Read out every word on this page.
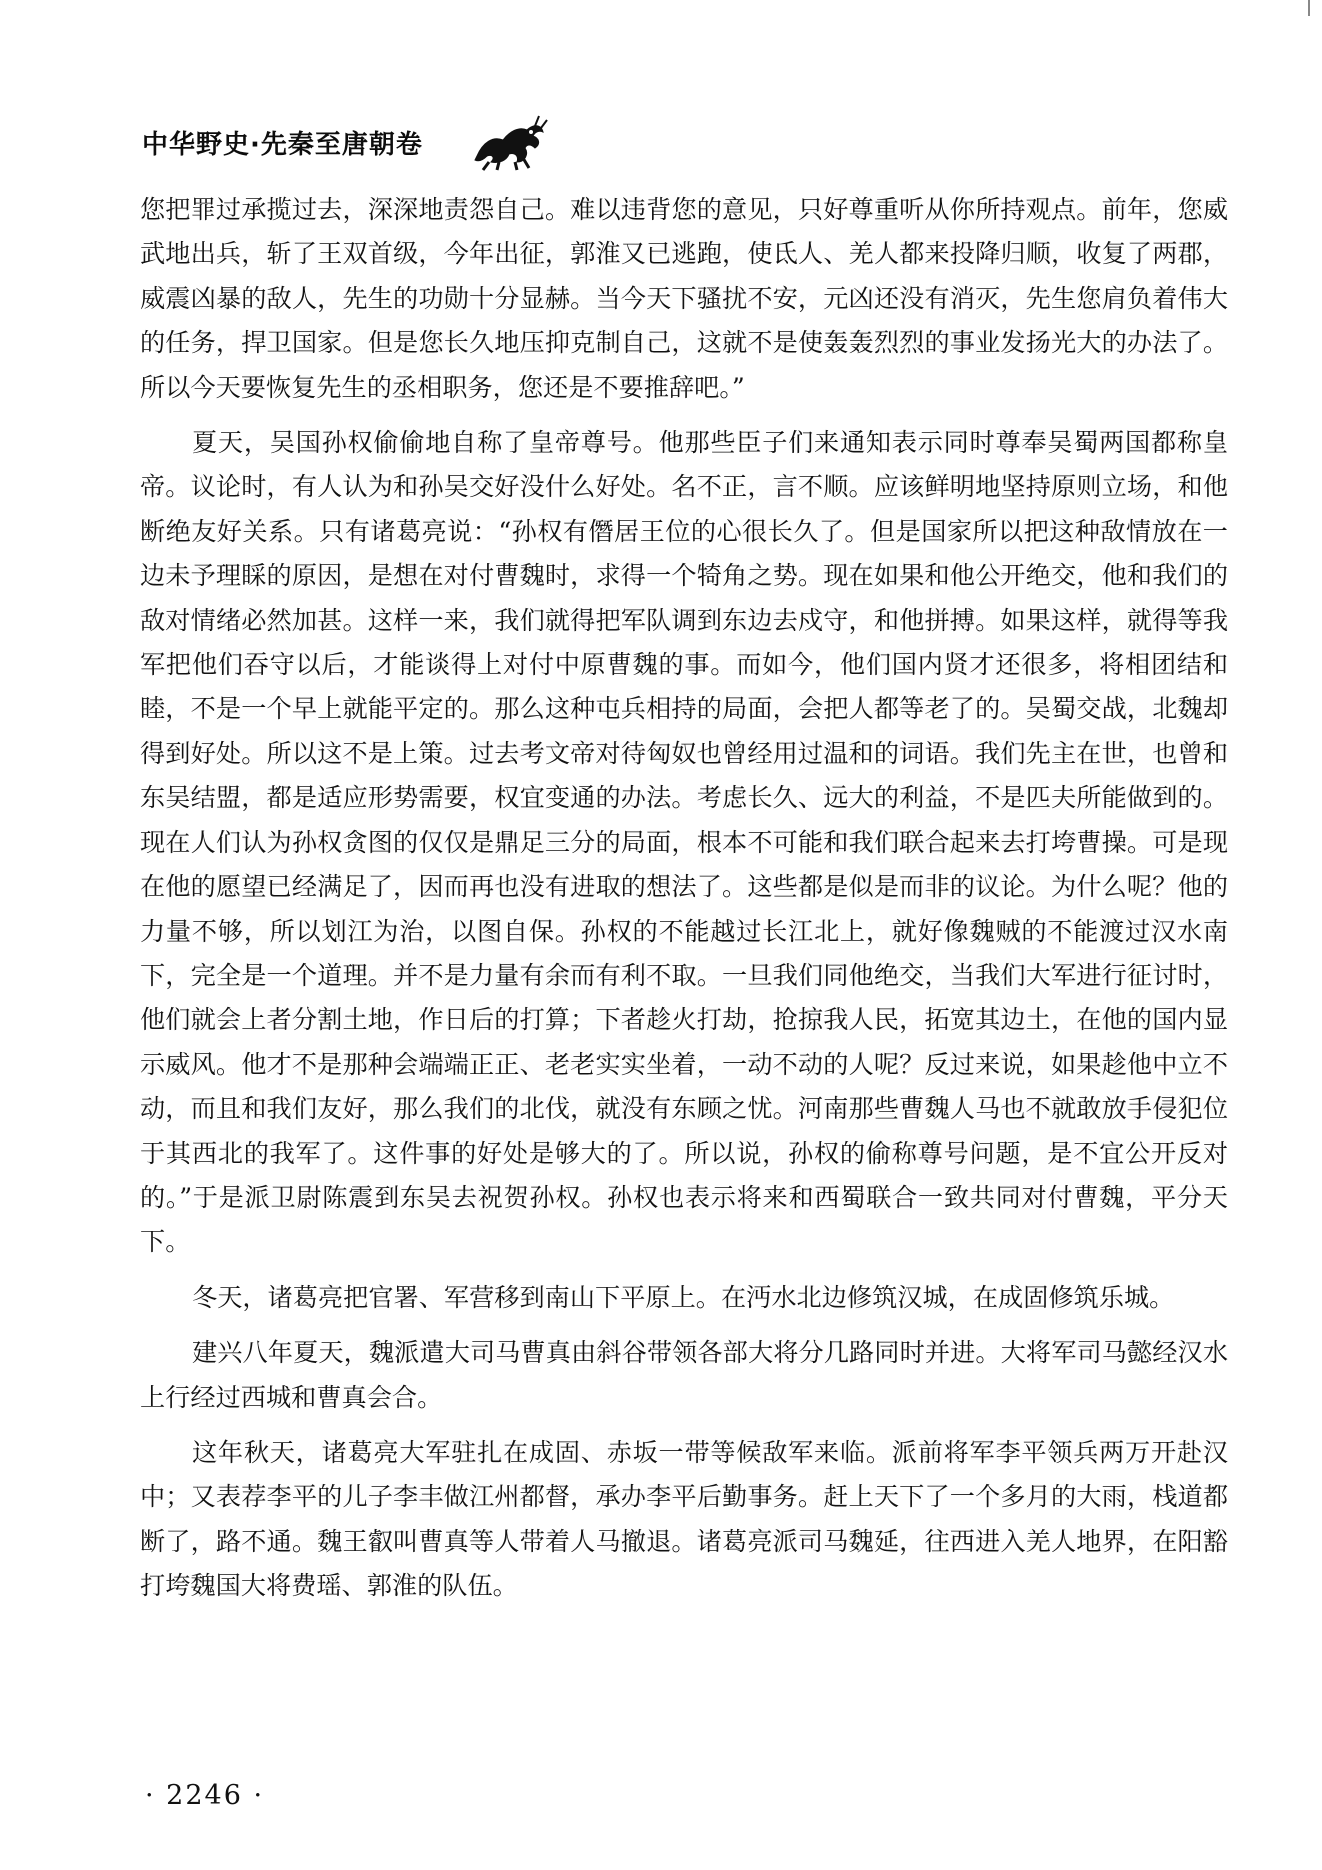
中华野史·先秦至唐朝卷

您把罪过承揽过去，深深地责怨自己。难以违背您的意见，只好尊重听从你所持观点。前年，您威武地出兵，斩了王双首级，今年出征，郭淮又已逃跑，使氐人、羌人都来投降归顺，收复了两郡，威震凶暴的敌人，先生的功勋十分显赫。当今天下骚扰不安，元凶还没有消灭，先生您肩负着伟大的任务，捍卫国家。但是您长久地压抑克制自己，这就不是使轰轰烈烈的事业发扬光大的办法了。所以今天要恢复先生的丞相职务，您还是不要推辞吧。”

夏天，吴国孙权偷偷地自称了皇帝尊号。他那些臣子们来通知表示同时尊奉吴蜀两国都称皇帝。议论时，有人认为和孙吴交好没什么好处。名不正，言不顺。应该鲜明地坚持原则立场，和他断绝友好关系。只有诸葛亮说：“孙权有僭居王位的心很长久了。但是国家所以把这种敌情放在一边未予理睬的原因，是想在对付曹魏时，求得一个犄角之势。现在如果和他公开绝交，他和我们的敌对情绪必然加甚。这样一来，我们就得把军队调到东边去戍守，和他拼搏。如果这样，就得等我军把他们吞守以后，才能谈得上对付中原曹魏的事。而如今，他们国内贤才还很多，将相团结和睦，不是一个早上就能平定的。那么这种屯兵相持的局面，会把人都等老了的。吴蜀交战，北魏却得到好处。所以这不是上策。过去考文帝对待匈奴也曾经用过温和的词语。我们先主在世，也曾和东吴结盟，都是适应形势需要，权宜变通的办法。考虑长久、远大的利益，不是匹夫所能做到的。现在人们认为孙权贪图的仅仅是鼎足三分的局面，根本不可能和我们联合起来去打垮曹操。可是现在他的愿望已经满足了，因而再也没有进取的想法了。这些都是似是而非的议论。为什么呢？他的力量不够，所以划江为治，以图自保。孙权的不能越过长江北上，就好像魏贼的不能渡过汉水南下，完全是一个道理。并不是力量有余而有利不取。一旦我们同他绝交，当我们大军进行征讨时，他们就会上者分割土地，作日后的打算；下者趁火打劫，抢掠我人民，拓宽其边土，在他的国内显示威风。他才不是那种会端端正正、老老实实坐着，一动不动的人呢？反过来说，如果趁他中立不动，而且和我们友好，那么我们的北伐，就没有东顾之忧。河南那些曹魏人马也不就敢放手侵犯位于其西北的我军了。这件事的好处是够大的了。所以说，孙权的偷称尊号问题，是不宜公开反对的。”于是派卫尉陈震到东吴去祝贺孙权。孙权也表示将来和西蜀联合一致共同对付曹魏，平分天下。

冬天，诸葛亮把官署、军营移到南山下平原上。在沔水北边修筑汉城，在成固修筑乐城。

建兴八年夏天，魏派遣大司马曹真由斜谷带领各部大将分几路同时并进。大将军司马懿经汉水上行经过西城和曹真会合。

这年秋天，诸葛亮大军驻扎在成固、赤坂一带等候敌军来临。派前将军李平领兵两万开赴汉中；又表荐李平的儿子李丰做江州都督，承办李平后勤事务。赶上天下了一个多月的大雨，栈道都断了，路不通。魏王叡叫曹真等人带着人马撤退。诸葛亮派司马魏延，往西进入羌人地界，在阳豁打垮魏国大将费瑶、郭淮的队伍。

· 2246 ·
